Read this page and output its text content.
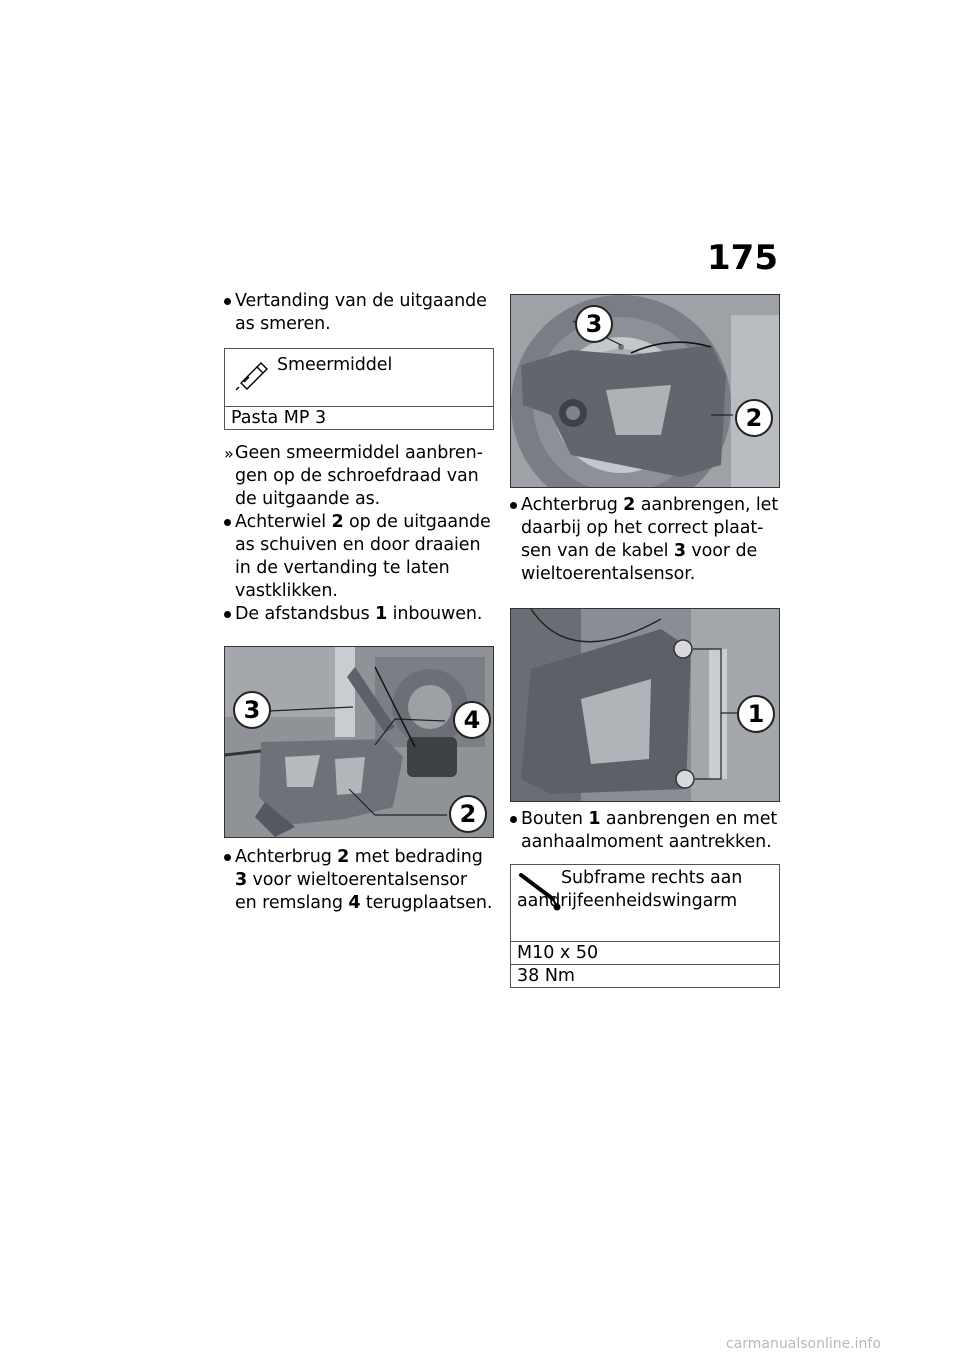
175

Vertanding van de uitgaande as smeren.

Smeermiddel
Pasta MP 3

» Geen smeermiddel aanbrengen op de schroefdraad van de uitgaande as.

Achterwiel 2 op de uitgaande as schuiven en door draaien in de vertanding te laten vastklikken.

De afstandsbus 1 inbouwen.

3	4
2

Achterbrug 2 met bedrading 3 voor wieltoerentalsensor en remslang 4 terugplaatsen.

3
2

Achterbrug 2 aanbrengen, let daarbij op het correct plaatsen van de kabel 3 voor de wieltoerentalsensor.

1

Bouten 1 aanbrengen en met aanhaalmoment aantrekken.

Subframe rechts aan aandrijfeenheidswingarm
M10 x 50
38 Nm
carmanualsonline.info
